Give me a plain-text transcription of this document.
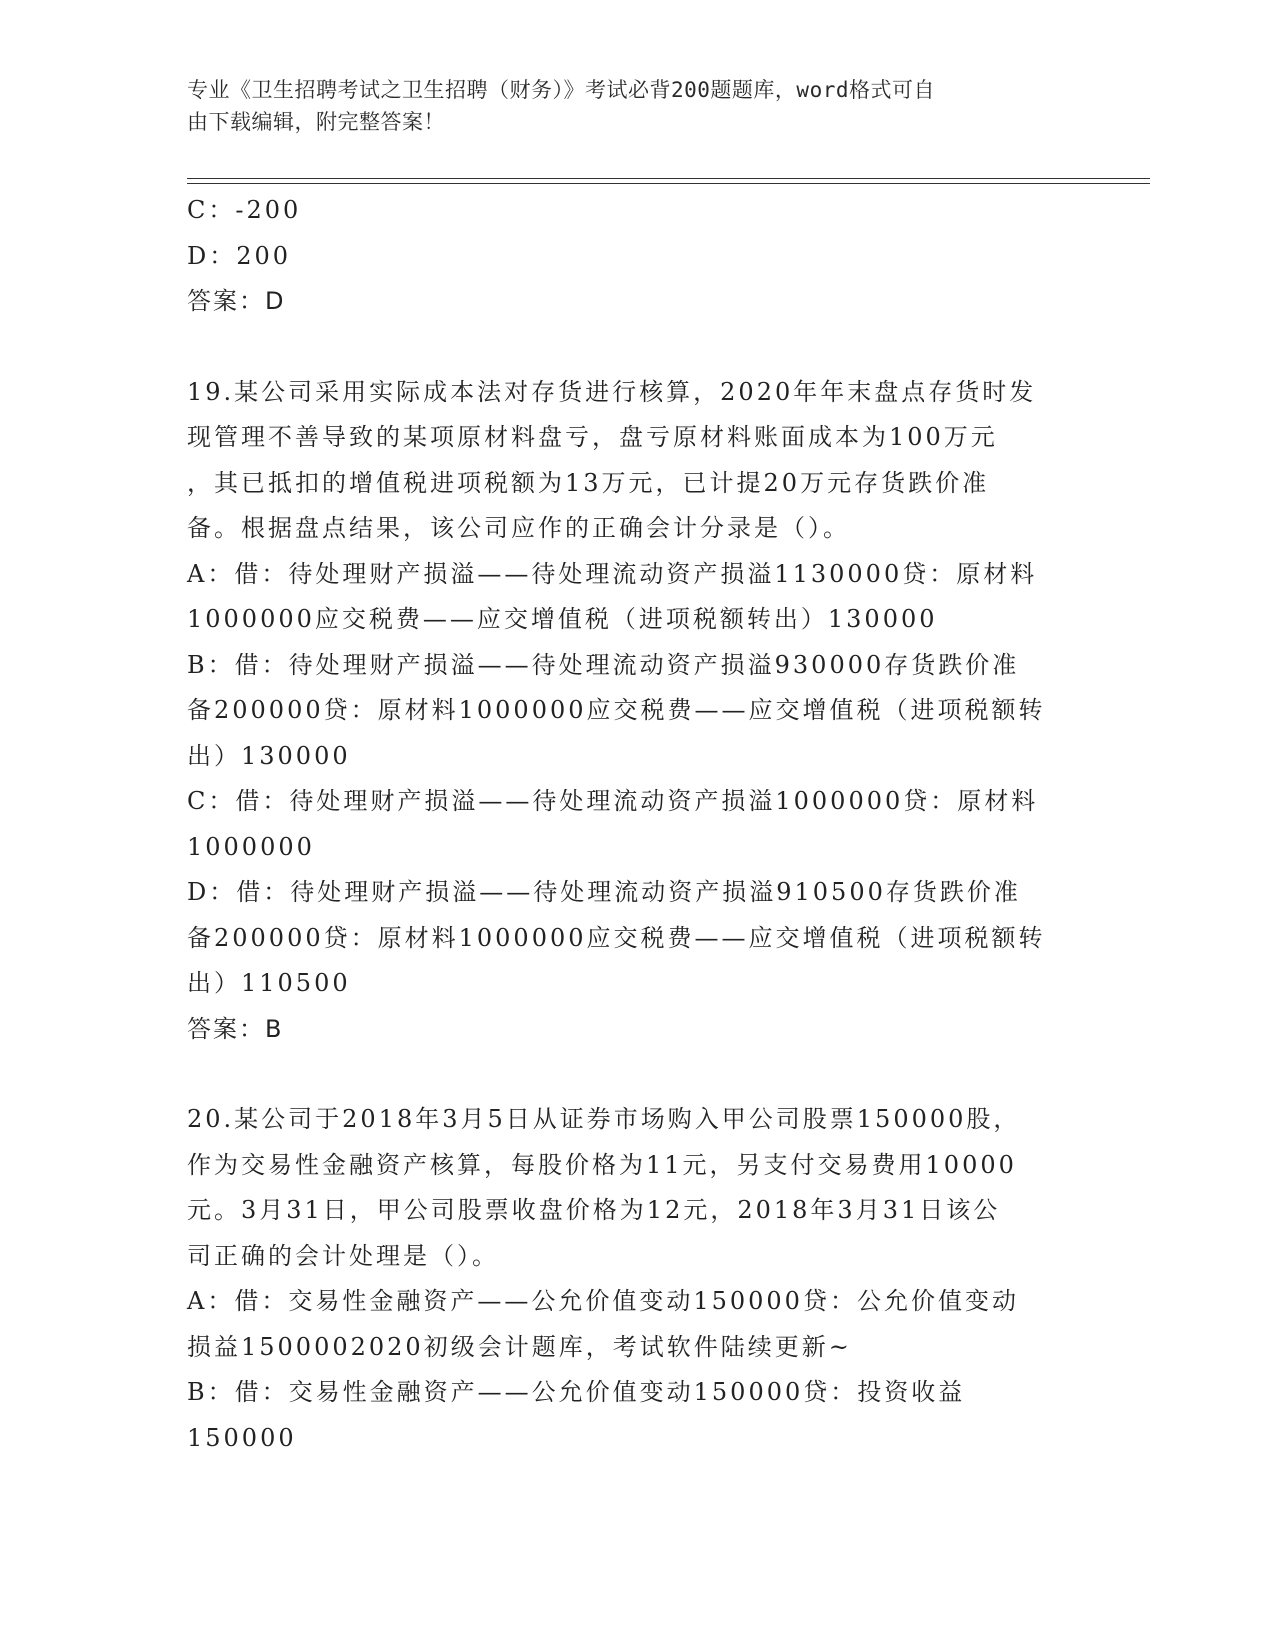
专业《卫生招聘考试之卫生招聘（财务）》考试必背200题题库，word格式可自
由下载编辑，附完整答案！
C：-200
D：200
答案：D
19.某公司采用实际成本法对存货进行核算，2020年年末盘点存货时发
现管理不善导致的某项原材料盘亏，盘亏原材料账面成本为100万元
，其已抵扣的增值税进项税额为13万元，已计提20万元存货跌价准
备。根据盘点结果，该公司应作的正确会计分录是（）。
A：借：待处理财产损溢——待处理流动资产损溢1130000贷：原材料
1000000应交税费——应交增值税（进项税额转出）130000
B：借：待处理财产损溢——待处理流动资产损溢930000存货跌价准
备200000贷：原材料1000000应交税费——应交增值税（进项税额转
出）130000
C：借：待处理财产损溢——待处理流动资产损溢1000000贷：原材料
1000000
D：借：待处理财产损溢——待处理流动资产损溢910500存货跌价准
备200000贷：原材料1000000应交税费——应交增值税（进项税额转
出）110500
答案：B
20.某公司于2018年3月5日从证券市场购入甲公司股票150000股，
作为交易性金融资产核算，每股价格为11元，另支付交易费用10000
元。3月31日，甲公司股票收盘价格为12元，2018年3月31日该公
司正确的会计处理是（）。
A：借：交易性金融资产——公允价值变动150000贷：公允价值变动
损益1500002020初级会计题库，考试软件陆续更新~
B：借：交易性金融资产——公允价值变动150000贷：投资收益
150000
